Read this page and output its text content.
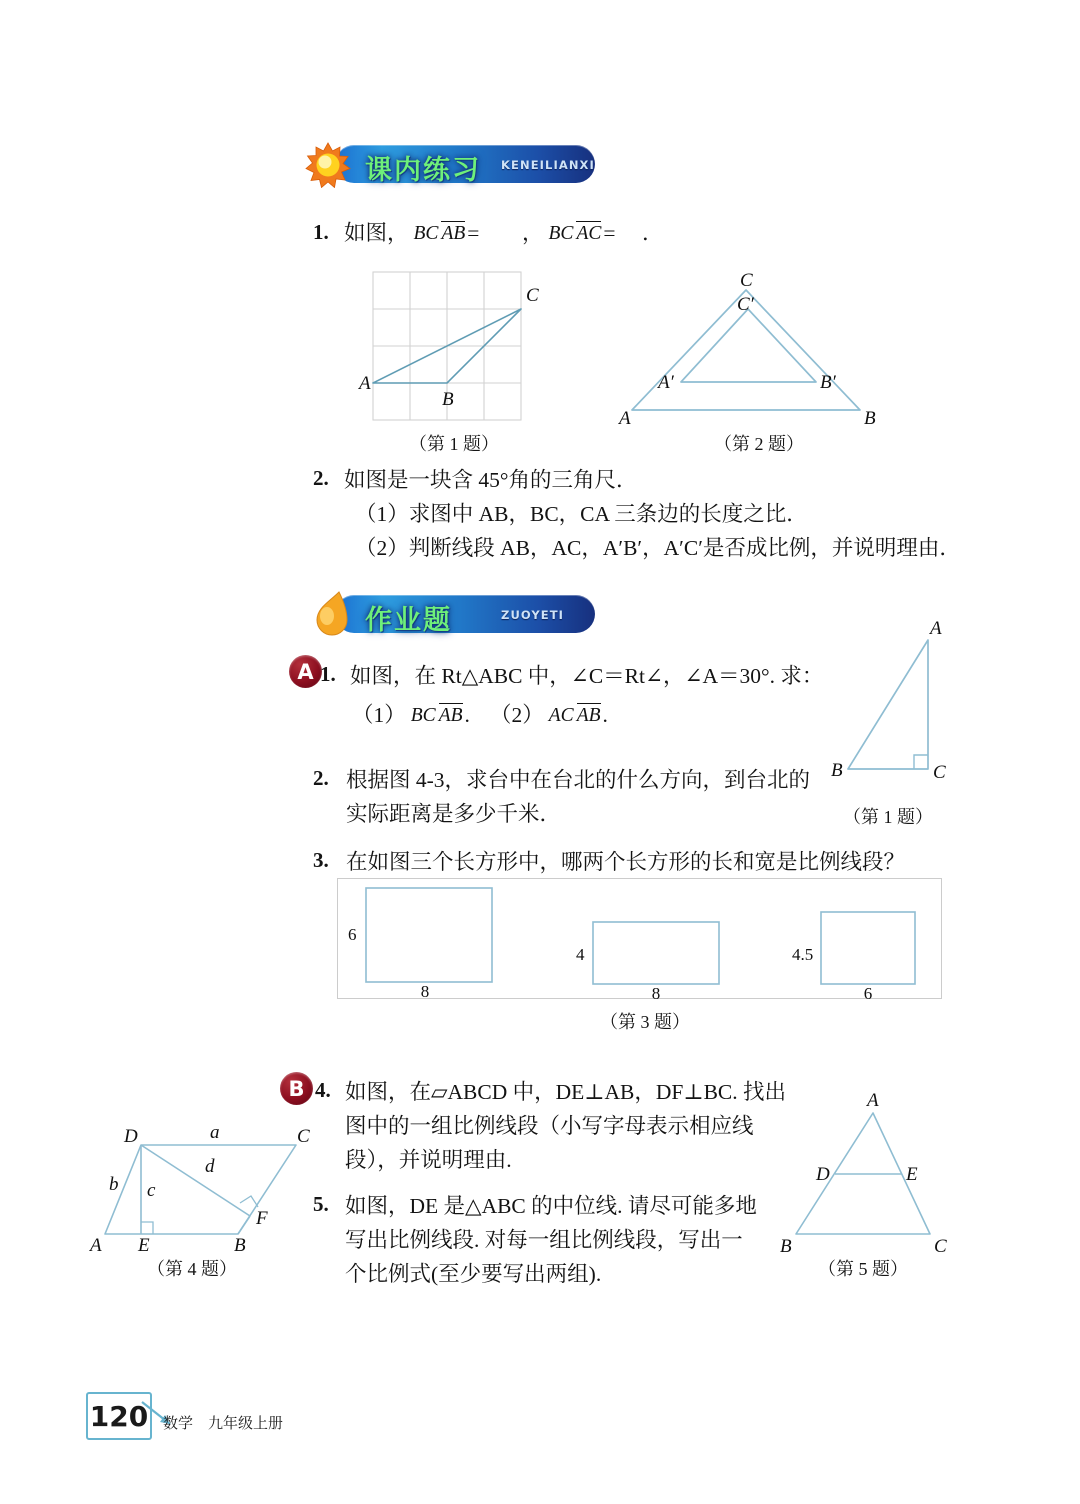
课内练习 KENEILIANXI
1. 如图， BC AB= ， BC AC= ．
A
B
C
（第 1 题）
C
C′
A′	B′
A	B
（第 2 题）
2. 如图是一块含 45°角的三角尺．
（1）求图中 AB，BC，CA 三条边的长度之比．
（2）判断线段 AB，AC，A′B′，A′C′是否成比例，并说明理由．
作业题	ZUOYETI
A 1. 如图，在 Rt△ABC 中，∠C＝Rt∠，∠A＝30°. 求：
（1） BC AB. （2） AC AB.
A
B	C
（第 1 题）
2. 根据图 4-3，求台中在台北的什么方向，到台北的
实际距离是多少千米．
3. 在如图三个长方形中，哪两个长方形的长和宽是比例线段？
6
8
4
8
4.5
6
（第 3 题）
B 4. 如图，在▱ABCD 中，DE⊥AB，DF⊥BC. 找出
图中的一组比例线段（小写字母表示相应线
段），并说明理由.
D	C
A E	B
F
a
b c
d
（第 4 题）
5. 如图，DE 是△ABC 的中位线. 请尽可能多地
写出比例线段. 对每一组比例线段，写出一
个比例式(至少要写出两组).
A
D	E
B	C
（第 5 题）
120 数学　九年级上册
